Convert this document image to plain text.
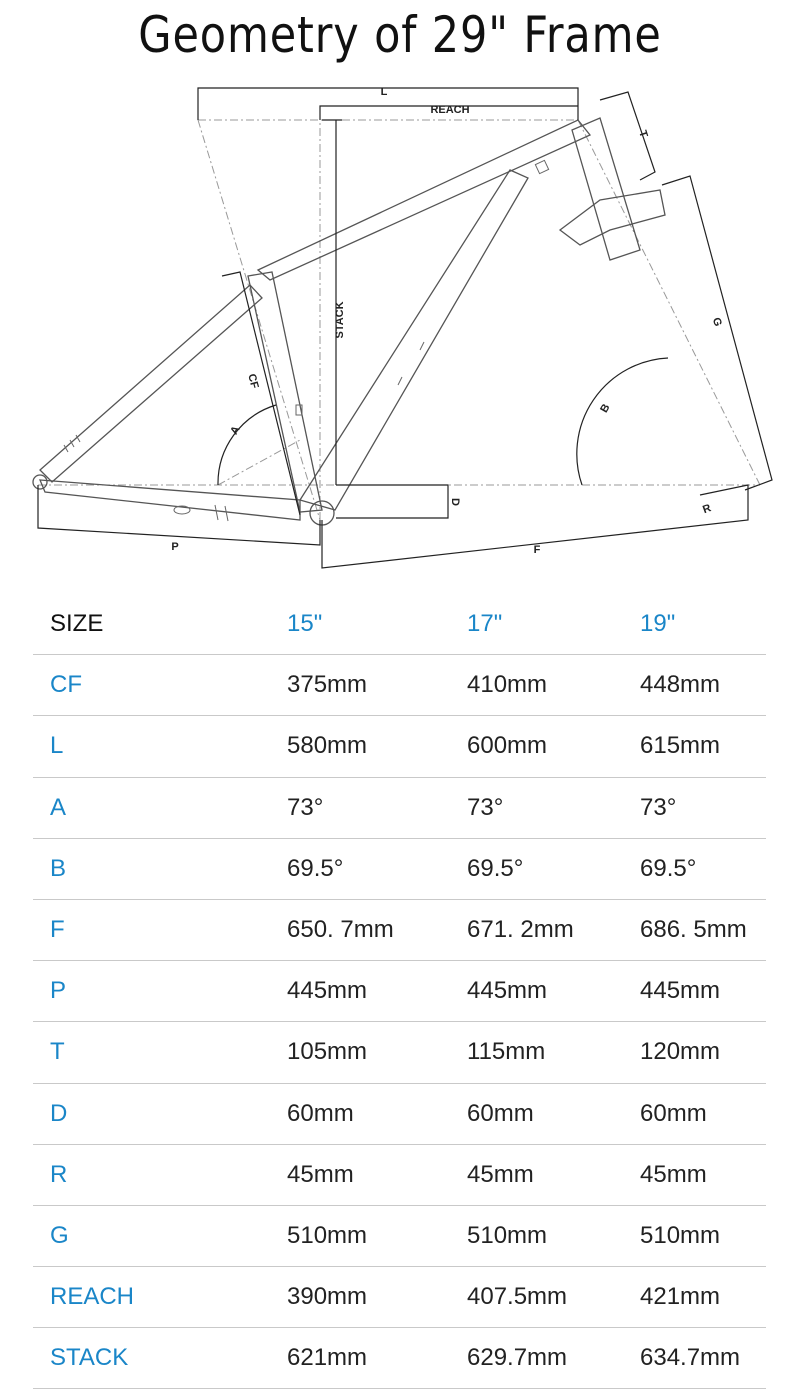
Geometry of 29" Frame
L
REACH
STACK
T
G
CF
A
B
D
R
P	F
SIZE	15"	17"	19"
CF	375mm	410mm	448mm
L	580mm	600mm	615mm
A	73°	73°	73°
B	69.5°	69.5°	69.5°
F	650. 7mm	671. 2mm	686. 5mm
P	445mm	445mm	445mm
T	105mm	115mm	120mm
D	60mm	60mm	60mm
R	45mm	45mm	45mm
G	510mm	510mm	510mm
REACH	390mm	407.5mm	421mm
STACK	621mm	629.7mm	634.7mm
